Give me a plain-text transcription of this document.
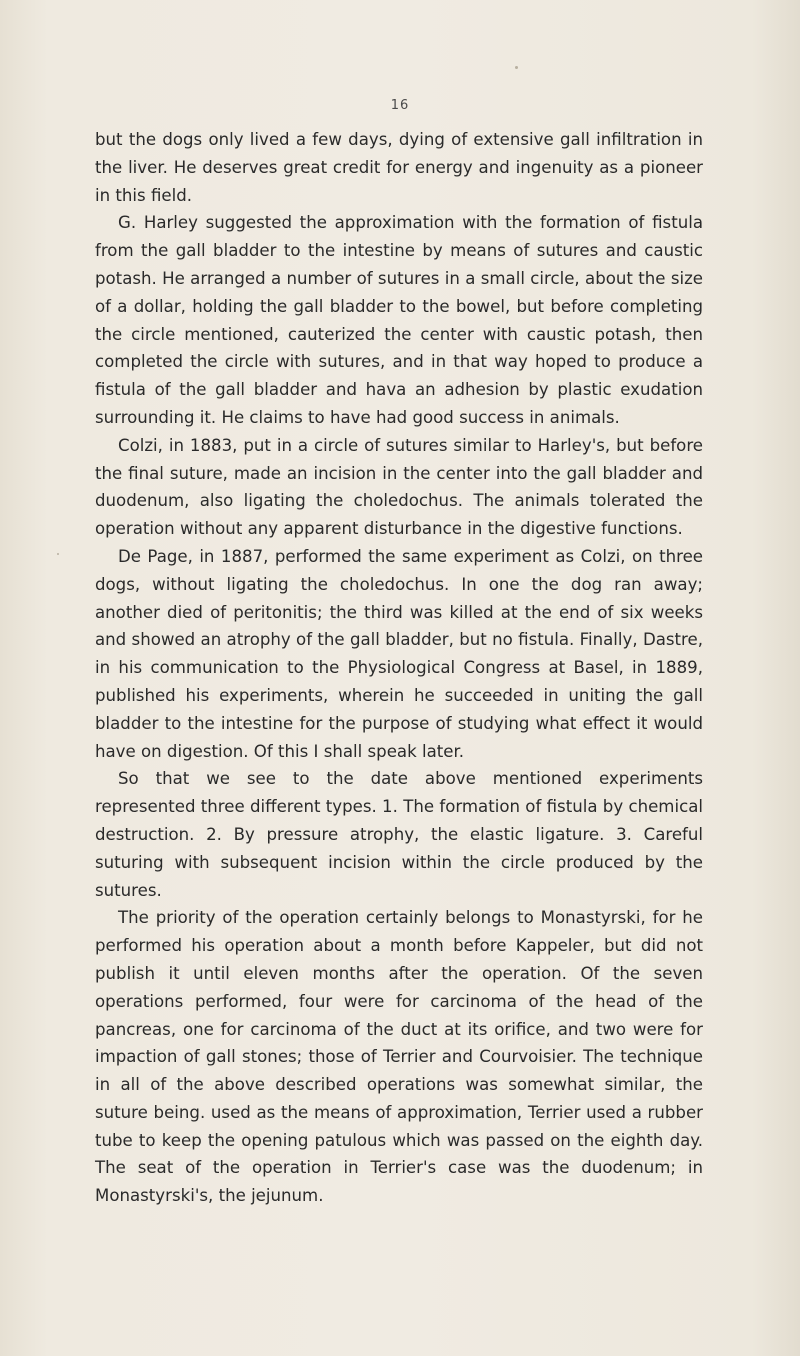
16

but the dogs only lived a few days, dying of extensive gall infiltration in the liver. He deserves great credit for energy and ingenuity as a pioneer in this field.

G. Harley suggested the approximation with the formation of fistula from the gall bladder to the intestine by means of sutures and caustic potash. He arranged a number of sutures in a small circle, about the size of a dollar, holding the gall bladder to the bowel, but before completing the circle mentioned, cauterized the center with caustic potash, then completed the circle with sutures, and in that way hoped to produce a fistula of the gall bladder and hava an adhesion by plastic exudation surrounding it. He claims to have had good success in animals.

Colzi, in 1883, put in a circle of sutures similar to Harley's, but before the final suture, made an incision in the center into the gall bladder and duodenum, also ligating the choledochus. The animals tolerated the operation without any apparent disturbance in the digestive functions.

De Page, in 1887, performed the same experiment as Colzi, on three dogs, without ligating the choledochus. In one the dog ran away; another died of peritonitis; the third was killed at the end of six weeks and showed an atrophy of the gall bladder, but no fistula. Finally, Dastre, in his communication to the Physiological Congress at Basel, in 1889, published his experiments, wherein he succeeded in uniting the gall bladder to the intestine for the purpose of studying what effect it would have on digestion. Of this I shall speak later.

So that we see to the date above mentioned experiments represented three different types. 1. The formation of fistula by chemical destruction. 2. By pressure atrophy, the elastic ligature. 3. Careful suturing with subsequent incision within the circle produced by the sutures.

The priority of the operation certainly belongs to Monastyrski, for he performed his operation about a month before Kappeler, but did not publish it until eleven months after the operation. Of the seven operations performed, four were for carcinoma of the head of the pancreas, one for carcinoma of the duct at its orifice, and two were for impaction of gall stones; those of Terrier and Courvoisier. The technique in all of the above described operations was somewhat similar, the suture being. used as the means of approximation, Terrier used a rubber tube to keep the opening patulous which was passed on the eighth day. The seat of the operation in Terrier's case was the duodenum; in Monastyrski's, the jejunum.
